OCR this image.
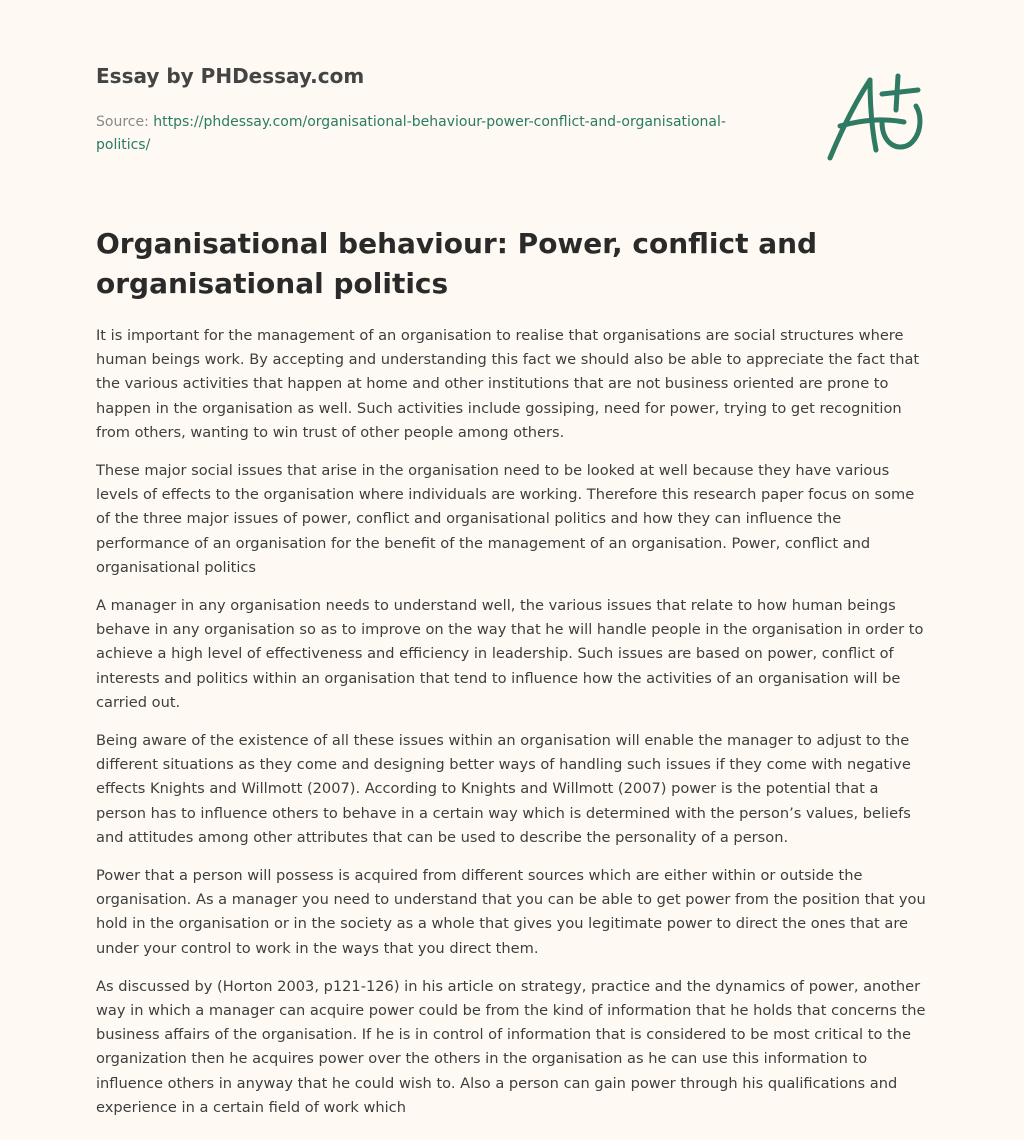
Essay by PHDessay.com
Source: https://phdessay.com/organisational-behaviour-power-conflict-and-organisational-politics/
Organisational behaviour: Power, conflict and organisational politics

It is important for the management of an organisation to realise that organisations are social structures where human beings work. By accepting and understanding this fact we should also be able to appreciate the fact that the various activities that happen at home and other institutions that are not business oriented are prone to happen in the organisation as well. Such activities include gossiping, need for power, trying to get recognition from others, wanting to win trust of other people among others.

These major social issues that arise in the organisation need to be looked at well because they have various levels of effects to the organisation where individuals are working. Therefore this research paper focus on some of the three major issues of power, conflict and organisational politics and how they can influence the performance of an organisation for the benefit of the management of an organisation. Power, conflict and organisational politics

A manager in any organisation needs to understand well, the various issues that relate to how human beings behave in any organisation so as to improve on the way that he will handle people in the organisation in order to achieve a high level of effectiveness and efficiency in leadership. Such issues are based on power, conflict of interests and politics within an organisation that tend to influence how the activities of an organisation will be carried out.

Being aware of the existence of all these issues within an organisation will enable the manager to adjust to the different situations as they come and designing better ways of handling such issues if they come with negative effects Knights and Willmott (2007). According to Knights and Willmott (2007) power is the potential that a person has to influence others to behave in a certain way which is determined with the person’s values, beliefs and attitudes among other attributes that can be used to describe the personality of a person.

Power that a person will possess is acquired from different sources which are either within or outside the organisation. As a manager you need to understand that you can be able to get power from the position that you hold in the organisation or in the society as a whole that gives you legitimate power to direct the ones that are under your control to work in the ways that you direct them.

As discussed by (Horton 2003, p121-126) in his article on strategy, practice and the dynamics of power, another way in which a manager can acquire power could be from the kind of information that he holds that concerns the business affairs of the organisation. If he is in control of information that is considered to be most critical to the organization then he acquires power over the others in the organisation as he can use this information to influence others in anyway that he could wish to. Also a person can gain power through his qualifications and experience in a certain field of work which
